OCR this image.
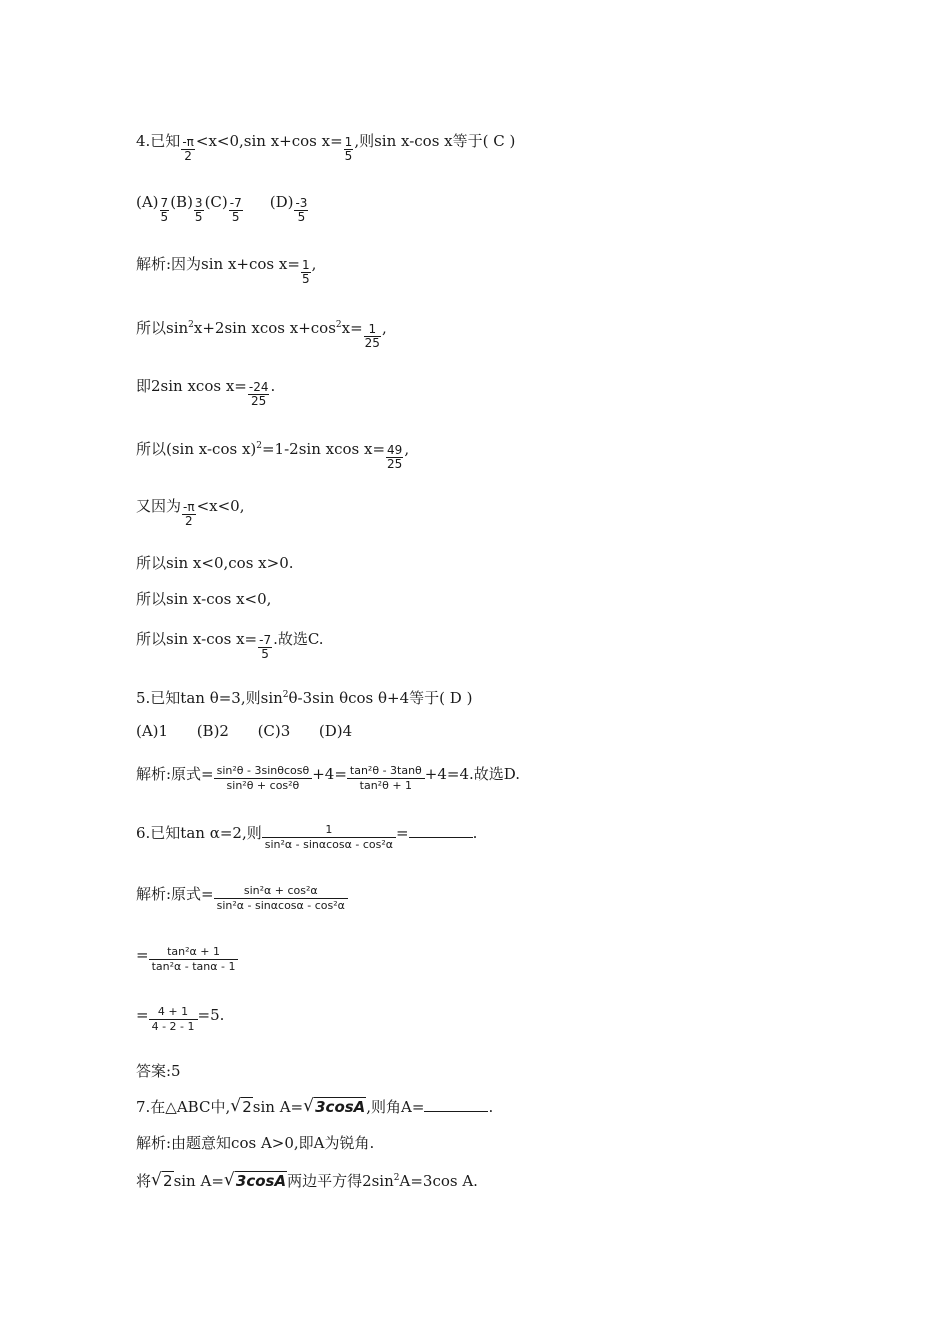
4.已知 $\frac{-\pi}{2} <x<0,\sin$ x+cos $x= \frac{1}{5}$ ,则sin x-cos x等于( C )
$(A) \frac{7}{5} (B) \frac{3}{5} (C) \frac{-7}{5} (D) \frac{-3}{5}$
解析:因为sin x+cos $x= \frac{1}{5}$ ,
所以$\sin^2x+2\sin$ xcos $x+\cos^2x= \frac{1}{25}$ ,
即2sin xcos $x= \frac{-24}{25}$ .
所以(sin x-cos x)$^2$=1-2sin xcos $x= \frac{49}{25}$ ,
又因为 $\frac{-\pi}{2} <x<0$,
所以sin x<0,cos x>0.
所以sin x-cos x<0,
所以sin x-cos $x= \frac{-7}{5}$ .故选C.
5.已知tan θ=3,则$\sin^2\theta-3\sin$ θcos θ+4等于( D )
(A)1      (B)2      (C)3      (D)4
解析:原式= $\frac{\text{sin²θ - 3sinθcosθ}}{\text{sin²θ + cos²θ}} +4= \frac{\text{tan²θ - 3tanθ}}{\text{tan²θ + 1}} +4=4$.故选D.
6.已知tan α=2,则 $\frac{1}{\text{sin²α - sinαcosα - cos²α}}$ =	.
解析:原式= $\frac{\text{sin²α + cos²α}}{\text{sin²α - sinαcosα - cos²α}}$
= $\frac{\text{tan²α + 1}}{\text{tan²α - tanα - 1}}$
= $\frac{4 + 1}{4 - 2 - 1} =5$.
答案:5
7.在△ABC中, √ 2sin A= √ 3cosA,则角A=	.
解析:由题意知cos A>0,即A为锐角.
将 √ 2sin A= √ 3cosA两边平方得$2\sin^2A=3\cos$ A.
